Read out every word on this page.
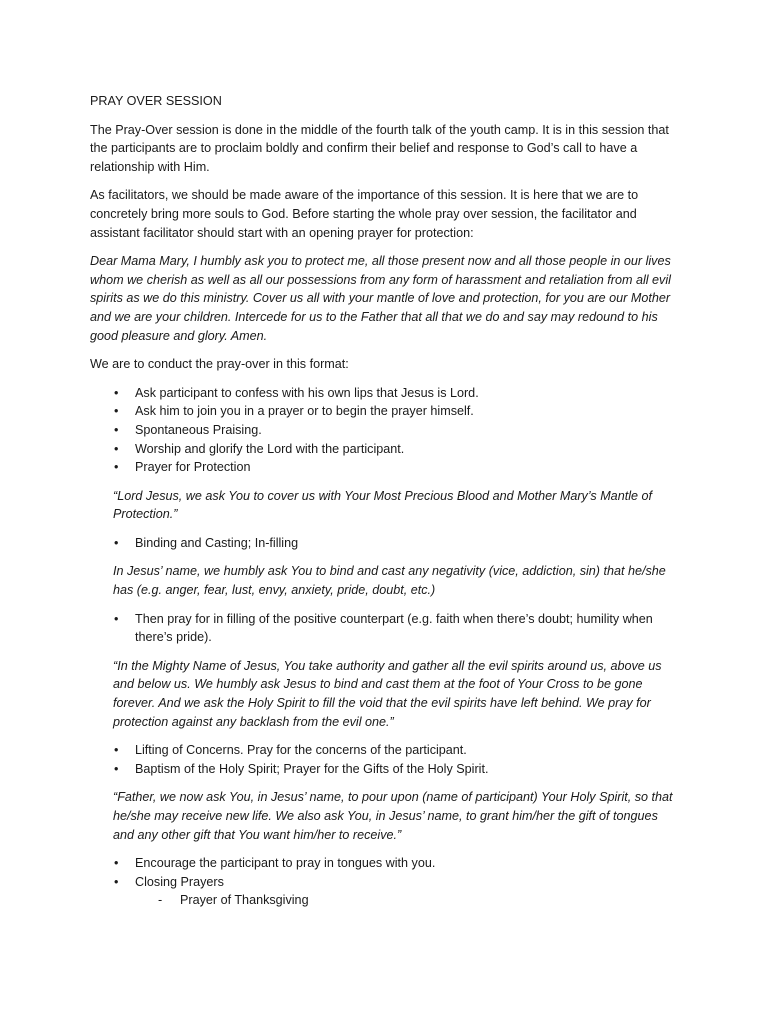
PRAY OVER SESSION

The Pray-Over session is done in the middle of the fourth talk of the youth camp. It is in this session that the participants are to proclaim boldly and confirm their belief and response to God’s call to have a relationship with Him.

As facilitators, we should be made aware of the importance of this session. It is here that we are to concretely bring more souls to God. Before starting the whole pray over session, the facilitator and assistant facilitator should start with an opening prayer for protection:

Dear Mama Mary, I humbly ask you to protect me, all those present now and all those people in our lives whom we cherish as well as all our possessions from any form of harassment and retaliation from all evil spirits as we do this ministry. Cover us all with your mantle of love and protection, for you are our Mother and we are your children. Intercede for us to the Father that all that we do and say may redound to his good pleasure and glory. Amen.

We are to conduct the pray-over in this format:

• Ask participant to confess with his own lips that Jesus is Lord.
• Ask him to join you in a prayer or to begin the prayer himself.
• Spontaneous Praising.
• Worship and glorify the Lord with the participant.
• Prayer for Protection

“Lord Jesus, we ask You to cover us with Your Most Precious Blood and Mother Mary’s Mantle of Protection.”

• Binding and Casting; In-filling

In Jesus’ name, we humbly ask You to bind and cast any negativity (vice, addiction, sin) that he/she has (e.g. anger, fear, lust, envy, anxiety, pride, doubt, etc.)

• Then pray for in filling of the positive counterpart (e.g. faith when there’s doubt; humility when there’s pride).

“In the Mighty Name of Jesus, You take authority and gather all the evil spirits around us, above us and below us. We humbly ask Jesus to bind and cast them at the foot of Your Cross to be gone forever. And we ask the Holy Spirit to fill the void that the evil spirits have left behind. We pray for protection against any backlash from the evil one.”

• Lifting of Concerns. Pray for the concerns of the participant.
• Baptism of the Holy Spirit; Prayer for the Gifts of the Holy Spirit.

“Father, we now ask You, in Jesus’ name, to pour upon (name of participant) Your Holy Spirit, so that he/she may receive new life. We also ask You, in Jesus’ name, to grant him/her the gift of tongues and any other gift that You want him/her to receive.”

• Encourage the participant to pray in tongues with you.
• Closing Prayers
- Prayer of Thanksgiving
